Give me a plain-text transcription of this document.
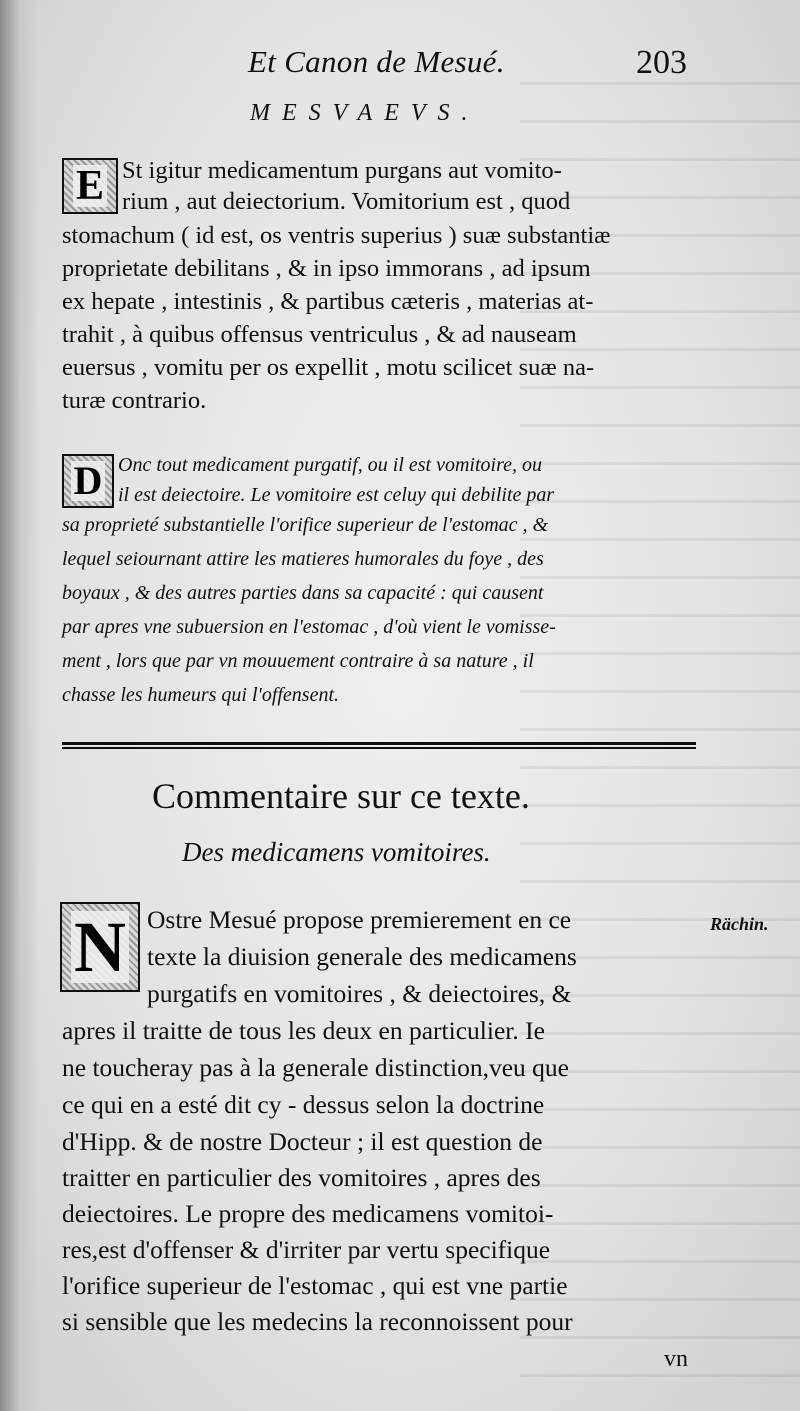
Et Canon de Mesué.	203
MESVAEVS.
E St igitur medicamentum purgans aut vomito-
rium , aut deiectorium. Vomitorium est , quod
stomachum ( id est, os ventris superius ) suæ substantiæ
proprietate debilitans , & in ipso immorans , ad ipsum
ex hepate , intestinis , & partibus cæteris , materias at-
trahit , à quibus offensus ventriculus , & ad nauseam
euersus , vomitu per os expellit , motu scilicet suæ na-
turæ contrario.
D Onc tout medicament purgatif, ou il est vomitoire, ou
il est deiectoire. Le vomitoire est celuy qui debilite par
sa proprieté substantielle l'orifice superieur de l'estomac , &
lequel seiournant attire les matieres humorales du foye , des
boyaux , & des autres parties dans sa capacité : qui causent
par apres vne subuersion en l'estomac , d'où vient le vomisse-
ment , lors que par vn mouuement contraire à sa nature , il
chasse les humeurs qui l'offensent.
Commentaire sur ce texte.
Des medicamens vomitoires.
Rächin.
N Ostre Mesué propose premierement en ce
texte la diuision generale des medicamens
purgatifs en vomitoires , & deiectoires, &
apres il traitte de tous les deux en particulier. Ie
ne toucheray pas à la generale distinction,veu que
ce qui en a esté dit cy - dessus selon la doctrine
d'Hipp. & de nostre Docteur ; il est question de
traitter en particulier des vomitoires , apres des
deiectoires. Le propre des medicamens vomitoi-
res,est d'offenser & d'irriter par vertu specifique
l'orifice superieur de l'estomac , qui est vne partie
si sensible que les medecins la reconnoissent pour
vn
